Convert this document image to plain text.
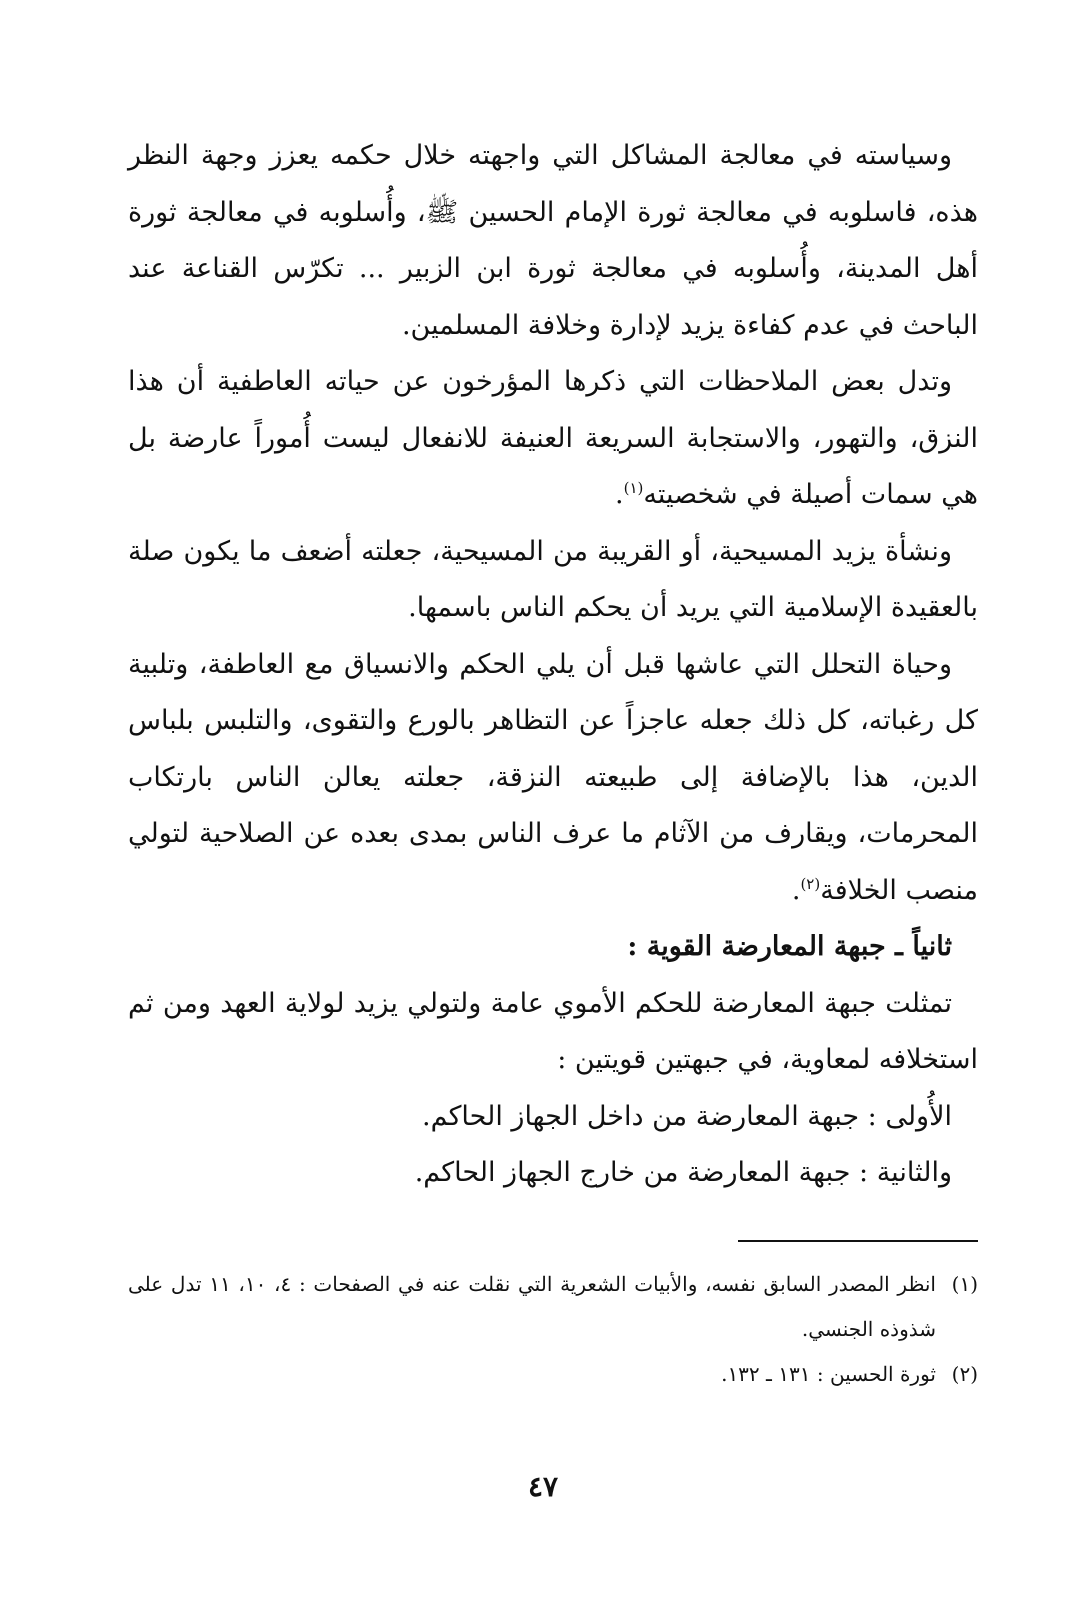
وسياسته في معالجة المشاكل التي واجهته خلال حكمه يعزز وجهة النظر هذه، فاسلوبه في معالجة ثورة الإمام الحسين ﷺ، وأُسلوبه في معالجة ثورة أهل المدينة، وأُسلوبه في معالجة ثورة ابن الزبير ... تكرّس القناعة عند الباحث في عدم كفاءة يزيد لإدارة وخلافة المسلمين.

وتدل بعض الملاحظات التي ذكرها المؤرخون عن حياته العاطفية أن هذا النزق، والتهور، والاستجابة السريعة العنيفة للانفعال ليست أُموراً عارضة بل هي سمات أصيلة في شخصيته$^{(١)}$.

ونشأة يزيد المسيحية، أو القريبة من المسيحية، جعلته أضعف ما يكون صلة بالعقيدة الإسلامية التي يريد أن يحكم الناس باسمها.

وحياة التحلل التي عاشها قبل أن يلي الحكم والانسياق مع العاطفة، وتلبية كل رغباته، كل ذلك جعله عاجزاً عن التظاهر بالورع والتقوى، والتلبس بلباس الدين، هذا بالإضافة إلى طبيعته النزقة، جعلته يعالن الناس بارتكاب المحرمات، ويقارف من الآثام ما عرف الناس بمدى بعده عن الصلاحية لتولي منصب الخلافة$^{(٢)}$.

ثانياً ـ جبهة المعارضة القوية :

تمثلت جبهة المعارضة للحكم الأموي عامة ولتولي يزيد لولاية العهد ومن ثم استخلافه لمعاوية، في جبهتين قويتين :

الأُولى : جبهة المعارضة من داخل الجهاز الحاكم.

والثانية : جبهة المعارضة من خارج الجهاز الحاكم.

(١)
انظر المصدر السابق نفسه، والأبيات الشعرية التي نقلت عنه في الصفحات : ٤، ١٠، ١١ تدل على شذوذه الجنسي.

(٢)
ثورة الحسين : ١٣١ ـ ١٣٢.

٤٧
